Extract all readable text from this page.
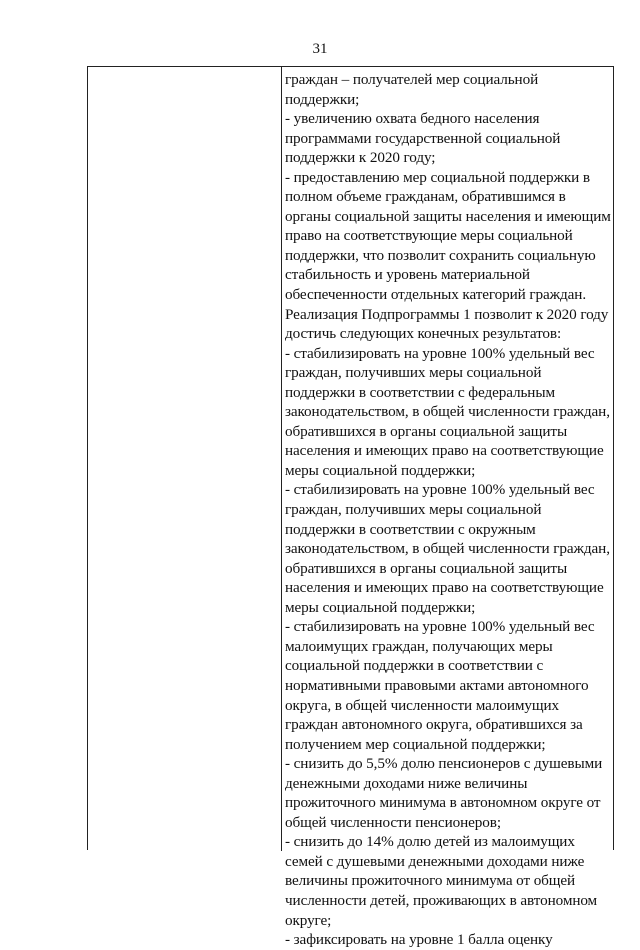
31
граждан – получателей мер социальной
поддержки;
- увеличению охвата бедного населения
программами государственной социальной
поддержки к 2020 году;
- предоставлению мер социальной поддержки в
полном объеме гражданам, обратившимся в
органы социальной защиты населения и имеющим
право на соответствующие меры социальной
поддержки, что позволит сохранить социальную
стабильность и уровень материальной
обеспеченности отдельных категорий граждан.
Реализация Подпрограммы 1 позволит к 2020 году
достичь следующих конечных результатов:
- стабилизировать на уровне 100% удельный вес
граждан, получивших меры социальной
поддержки в соответствии с федеральным
законодательством, в общей численности граждан,
обратившихся в органы социальной защиты
населения и имеющих право на соответствующие
меры социальной поддержки;
- стабилизировать на уровне 100% удельный вес
граждан, получивших меры социальной
поддержки в соответствии с окружным
законодательством, в общей численности граждан,
обратившихся в органы социальной защиты
населения и имеющих право на соответствующие
меры социальной поддержки;
- стабилизировать на уровне 100% удельный вес
малоимущих граждан, получающих меры
социальной поддержки в соответствии с
нормативными правовыми актами автономного
округа, в общей численности малоимущих
граждан автономного округа, обратившихся за
получением мер социальной поддержки;
- снизить до 5,5% долю пенсионеров с душевыми
денежными доходами ниже величины
прожиточного минимума в автономном округе от
общей численности пенсионеров;
- снизить до 14% долю детей из малоимущих
семей с душевыми денежными доходами ниже
величины прожиточного минимума от общей
численности детей, проживающих в автономном
округе;
- зафиксировать на уровне 1 балла оценку
